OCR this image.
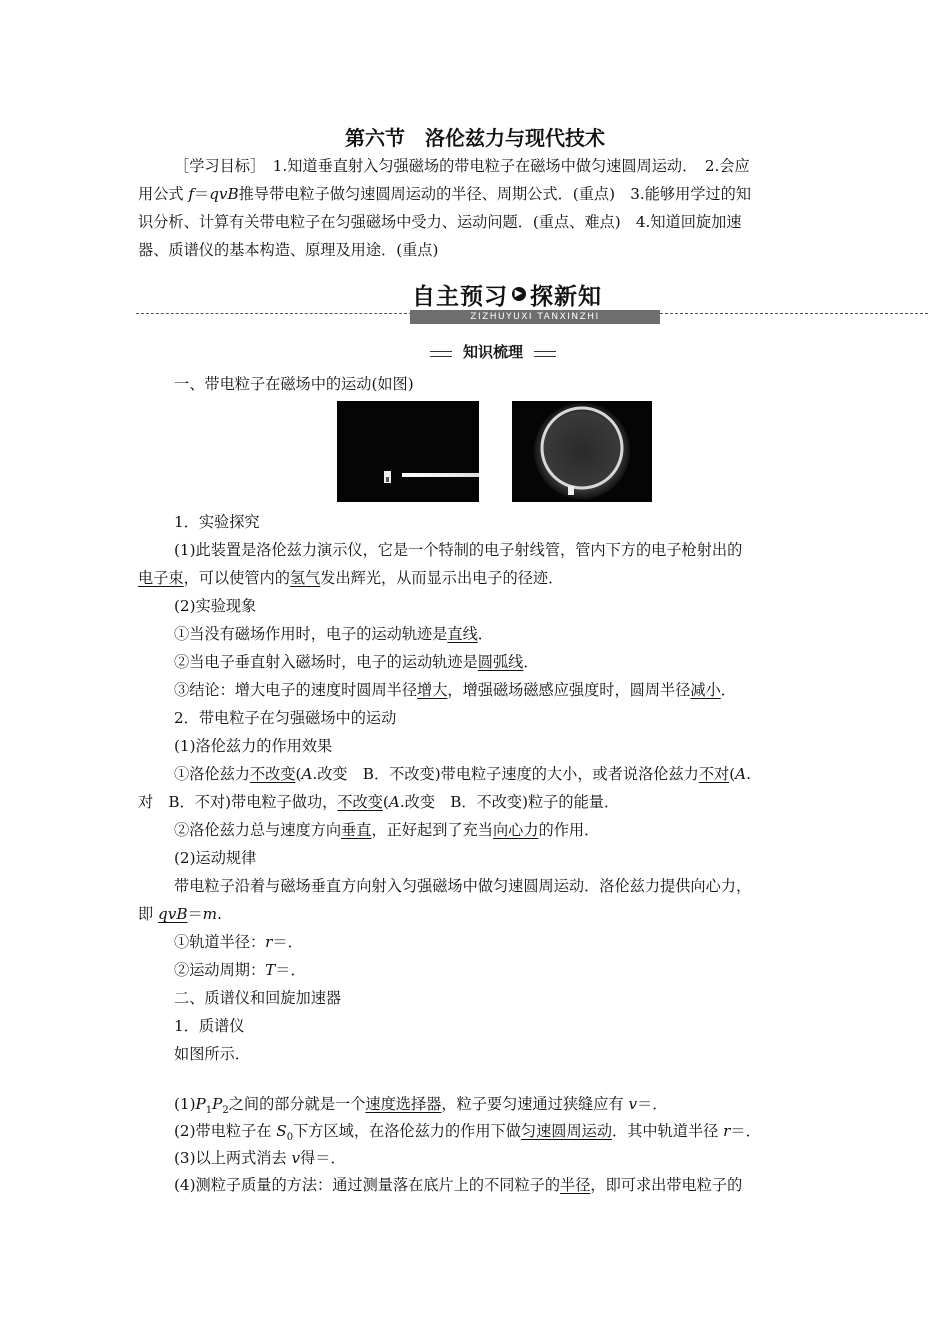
第六节　洛伦兹力与现代技术
［学习目标］　1.知道垂直射入匀强磁场的带电粒子在磁场中做匀速圆周运动．　2.会应
用公式 f＝qvB推导带电粒子做匀速圆周运动的半径、周期公式．(重点)　3.能够用学过的知
识分析、计算有关带电粒子在匀强磁场中受力、运动问题．(重点、难点)　4.知道回旋加速
器、质谱仪的基本构造、原理及用途．(重点)
自主预习 ▶ 探新知
ZIZHUYUXI TANXINZHI
知识梳理
一、带电粒子在磁场中的运动(如图)
1．实验探究
(1)此装置是洛伦兹力演示仪，它是一个特制的电子射线管，管内下方的电子枪射出的
电子束，可以使管内的氢气发出辉光，从而显示出电子的径迹．
(2)实验现象
①当没有磁场作用时，电子的运动轨迹是直线．
②当电子垂直射入磁场时，电子的运动轨迹是圆弧线．
③结论：增大电子的速度时圆周半径增大，增强磁场磁感应强度时，圆周半径减小．
2．带电粒子在匀强磁场中的运动
(1)洛伦兹力的作用效果
①洛伦兹力不改变(A.改变　B．不改变)带电粒子速度的大小，或者说洛伦兹力不对(A.
对　B．不对)带电粒子做功，不改变(A.改变　B．不改变)粒子的能量．
②洛伦兹力总与速度方向垂直，正好起到了充当向心力的作用．
(2)运动规律
带电粒子沿着与磁场垂直方向射入匀强磁场中做匀速圆周运动．洛伦兹力提供向心力，
即 qvB＝m.
①轨道半径：r＝．
②运动周期：T＝．
二、质谱仪和回旋加速器
1．质谱仪
如图所示．
$(1)P_1P_2$之间的部分就是一个速度选择器，粒子要匀速通过狭缝应有 v＝．
(2)带电粒子在 $S_0$下方区域，在洛伦兹力的作用下做匀速圆周运动．其中轨道半径 r＝．
(3)以上两式消去 v得＝．
(4)测粒子质量的方法：通过测量落在底片上的不同粒子的半径，即可求出带电粒子的
